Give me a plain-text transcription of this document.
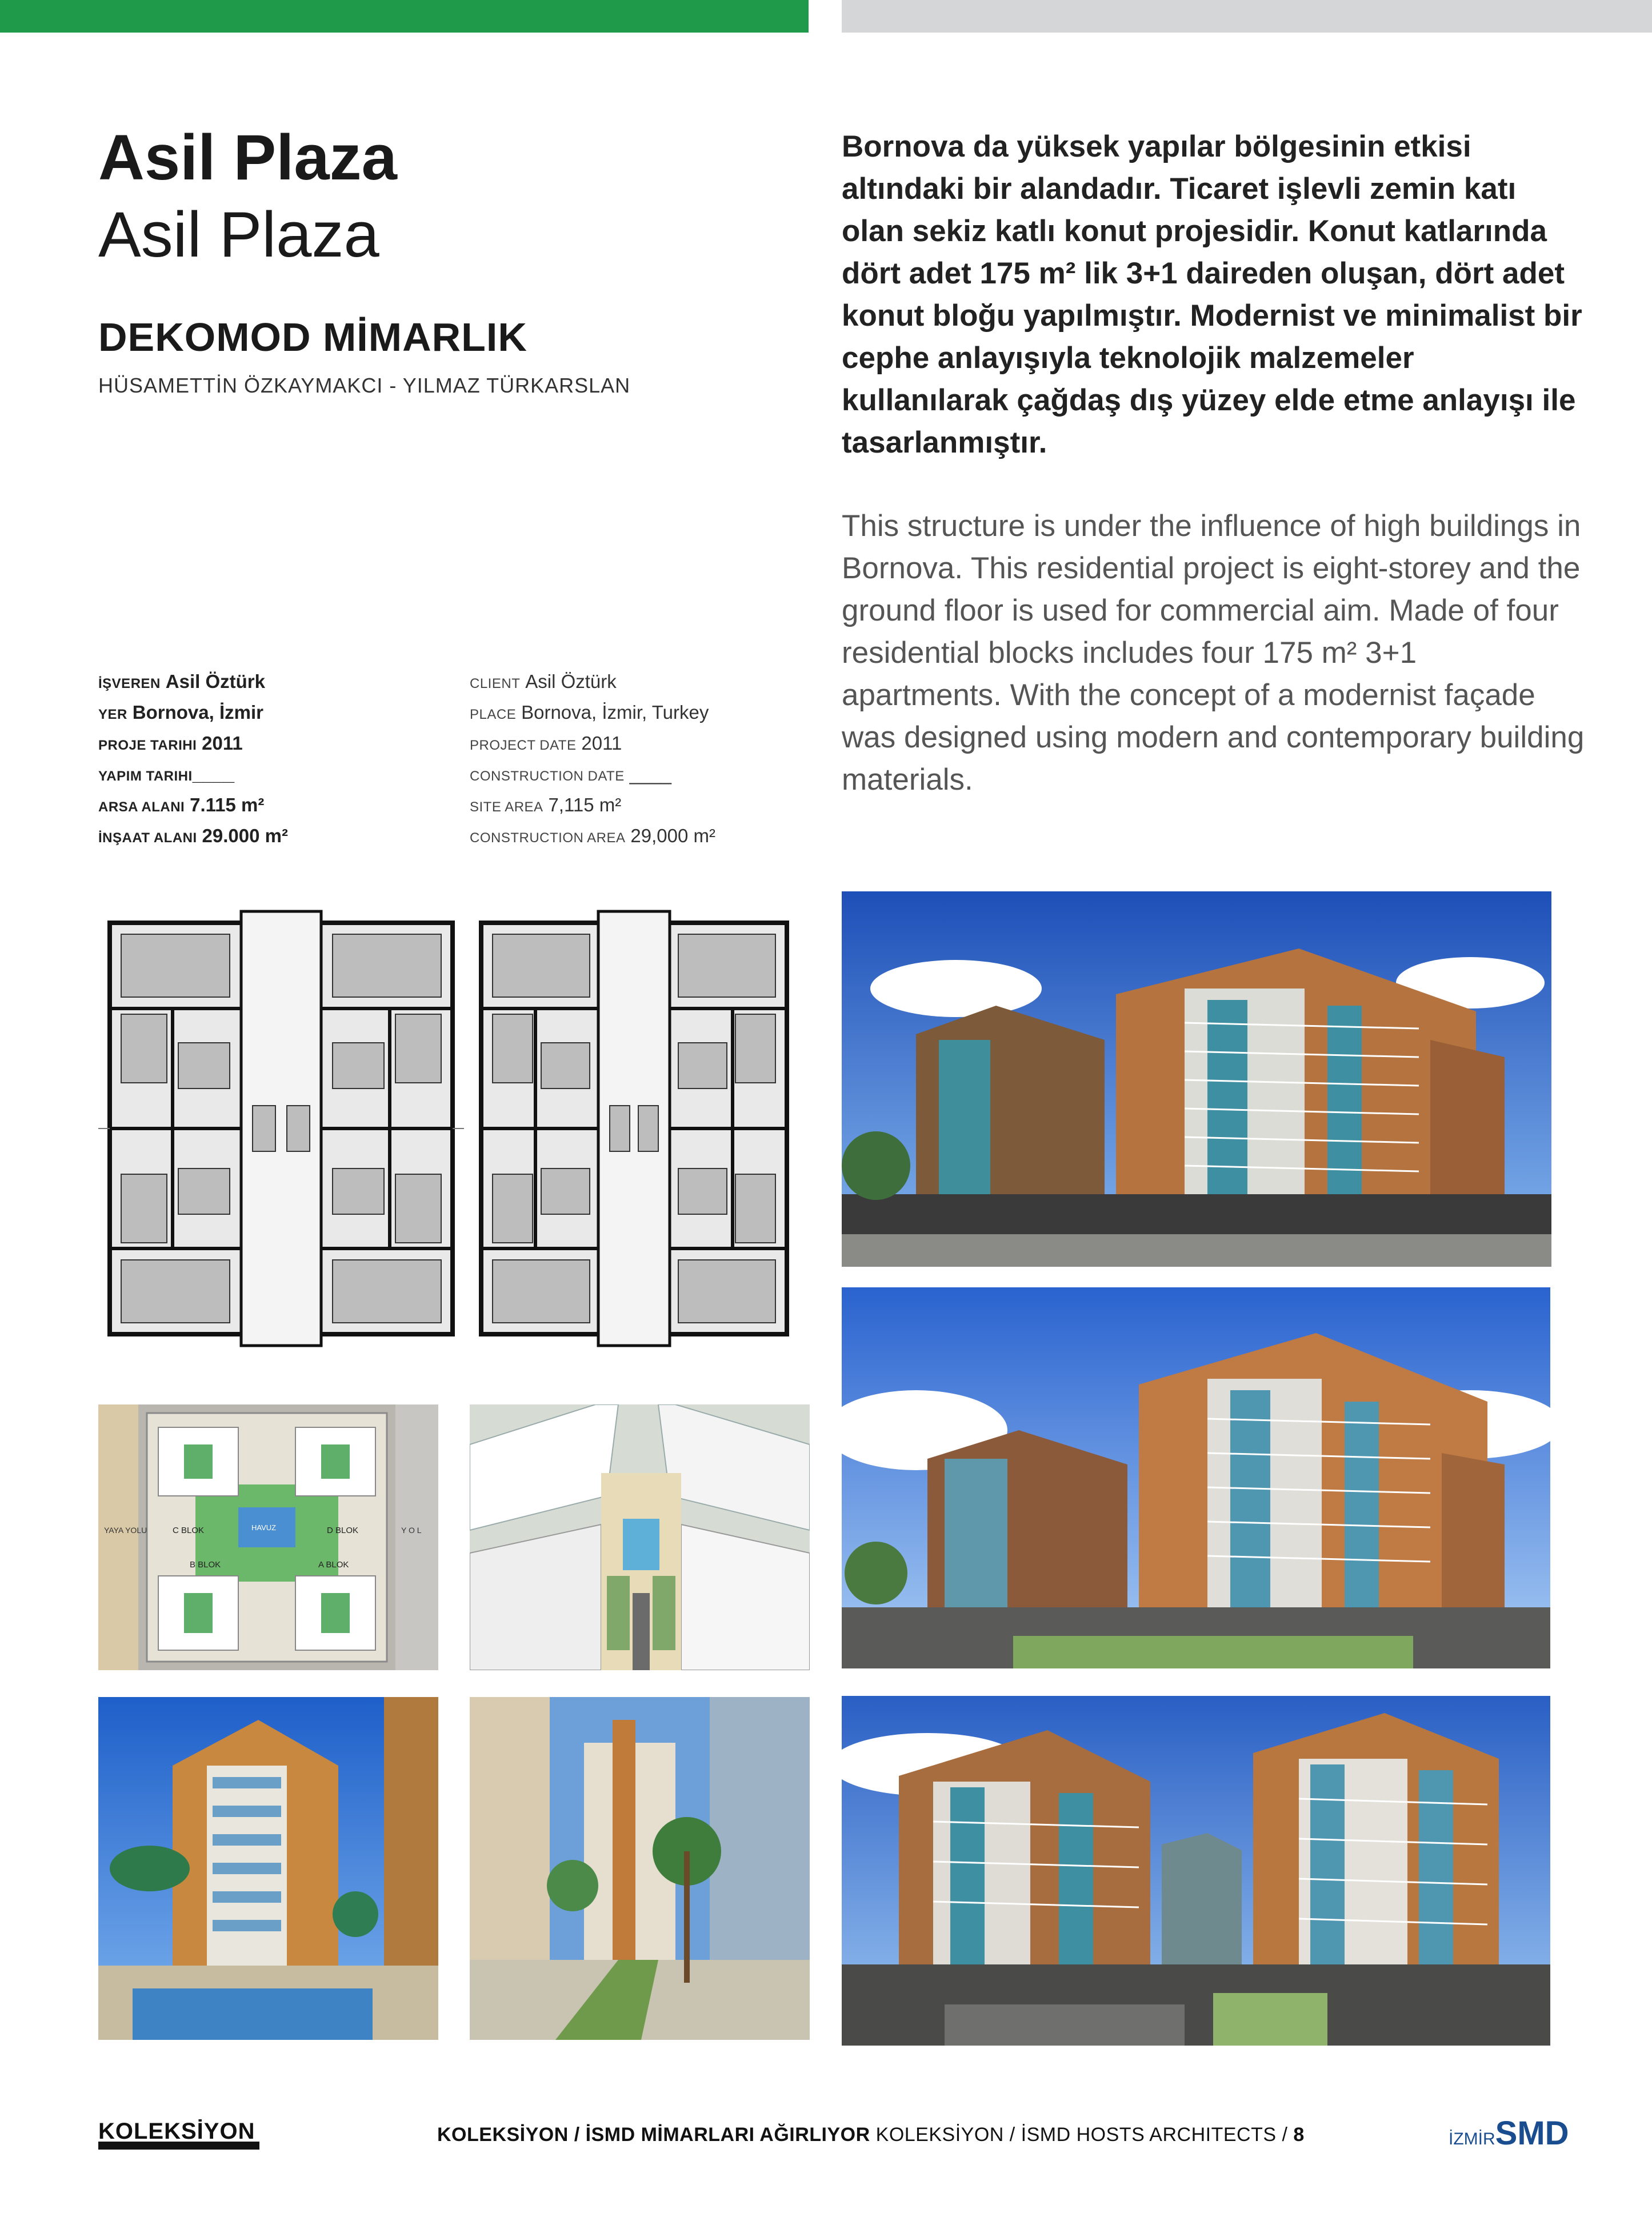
Asil Plaza
Asil Plaza
DEKOMOD MİMARLIK
HÜSAMETTİN ÖZKAYMAKCI - YILMAZ TÜRKARSLAN
Bornova da yüksek yapılar bölgesinin etkisi altındaki bir alandadır. Ticaret işlevli zemin katı olan sekiz katlı konut projesidir. Konut katlarında dört adet 175 m² lik 3+1 daireden oluşan, dört adet konut bloğu yapılmıştır. Modernist ve minimalist bir cephe anlayışıyla teknolojik malzemeler kullanılarak çağdaş dış yüzey elde etme anlayışı ile tasarlanmıştır.
This structure is under the influence of high buildings in Bornova. This residential project is eight-storey and the ground floor is used for commercial aim. Made of four residential blocks includes four 175 m² 3+1 apartments. With the concept of a modernist façade was designed using modern and contemporary building materials.
İŞVEREN Asil Öztürk
YER Bornova, İzmir
PROJE TARIHI 2011
YAPIM TARIHI____
ARSA ALANI 7.115 m²
İNŞAAT ALANI 29.000 m²
CLIENT Asil Öztürk
PLACE Bornova, İzmir, Turkey
PROJECT DATE 2011
CONSTRUCTION DATE ____
SITE AREA 7,115 m²
CONSTRUCTION AREA 29,000 m²
C BLOK	D BLOK
B BLOK	A BLOK
HAVUZ
YAYA YOLU	Y O L
KOLEKSİYON	KOLEKSİYON / İSMD MİMARLARI AĞIRLIYOR KOLEKSİYON / İSMD HOSTS ARCHITECTS / 8	İZMİRSMD
